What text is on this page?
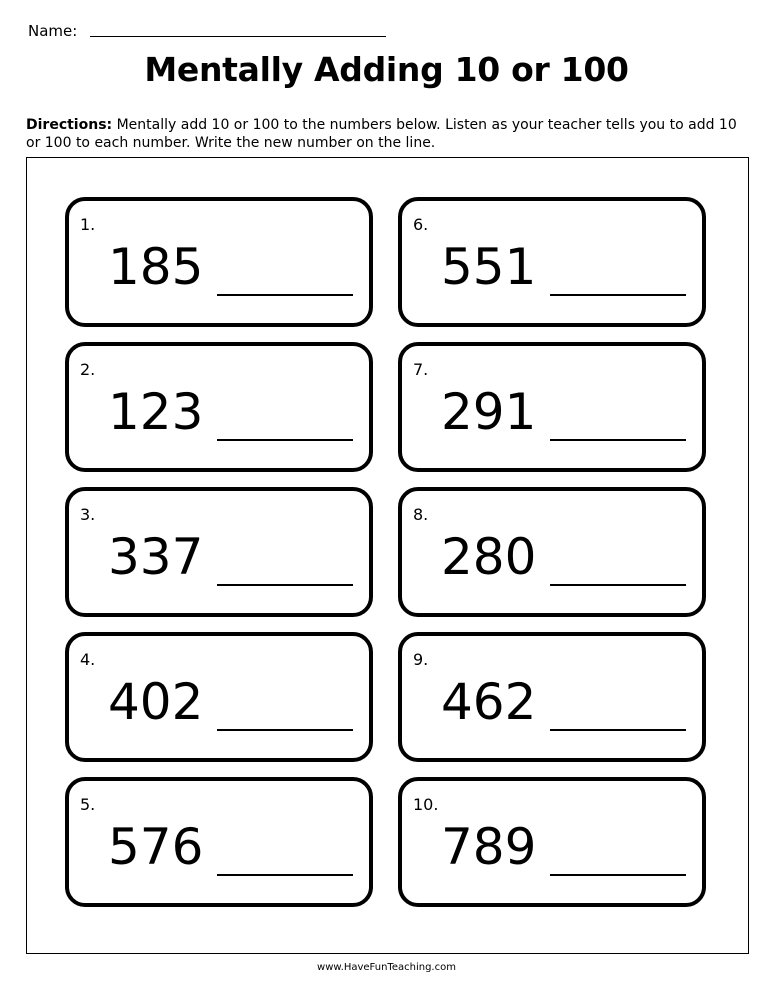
Name:
Mentally Adding 10 or 100
Directions: Mentally add 10 or 100 to the numbers below. Listen as your teacher tells you to add 10 or 100 to each number. Write the new number on the line.
1.
185
2.
123
3.
337
4.
402
5.
576
6.
551
7.
291
8.
280
9.
462
10.
789
www.HaveFunTeaching.com
